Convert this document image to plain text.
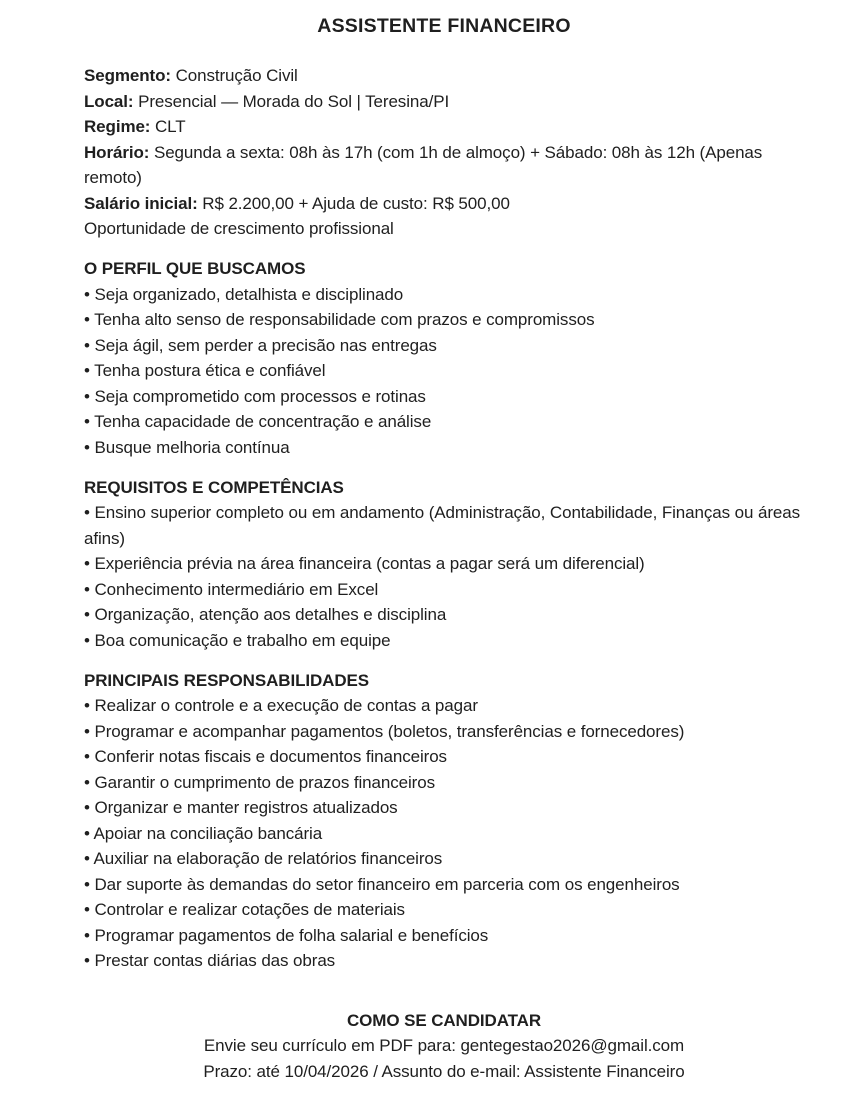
ASSISTENTE FINANCEIRO

Segmento: Construção Civil

Local: Presencial — Morada do Sol | Teresina/PI

Regime: CLT

Horário: Segunda a sexta: 08h às 17h (com 1h de almoço) + Sábado: 08h às 12h (Apenas remoto)

Salário inicial: R$ 2.200,00 + Ajuda de custo: R$ 500,00

Oportunidade de crescimento profissional

O PERFIL QUE BUSCAMOS
• Seja organizado, detalhista e disciplinado
• Tenha alto senso de responsabilidade com prazos e compromissos
• Seja ágil, sem perder a precisão nas entregas
• Tenha postura ética e confiável
• Seja comprometido com processos e rotinas
• Tenha capacidade de concentração e análise
• Busque melhoria contínua
REQUISITOS E COMPETÊNCIAS
• Ensino superior completo ou em andamento (Administração, Contabilidade, Finanças ou áreas afins)
• Experiência prévia na área financeira (contas a pagar será um diferencial)
• Conhecimento intermediário em Excel
• Organização, atenção aos detalhes e disciplina
• Boa comunicação e trabalho em equipe
PRINCIPAIS RESPONSABILIDADES
• Realizar o controle e a execução de contas a pagar
• Programar e acompanhar pagamentos (boletos, transferências e fornecedores)
• Conferir notas fiscais e documentos financeiros
• Garantir o cumprimento de prazos financeiros
• Organizar e manter registros atualizados
• Apoiar na conciliação bancária
• Auxiliar na elaboração de relatórios financeiros
• Dar suporte às demandas do setor financeiro em parceria com os engenheiros
• Controlar e realizar cotações de materiais
• Programar pagamentos de folha salarial e benefícios
• Prestar contas diárias das obras
COMO SE CANDIDATAR

Envie seu currículo em PDF para: gentegestao2026@gmail.com

Prazo: até 10/04/2026 / Assunto do e-mail: Assistente Financeiro
